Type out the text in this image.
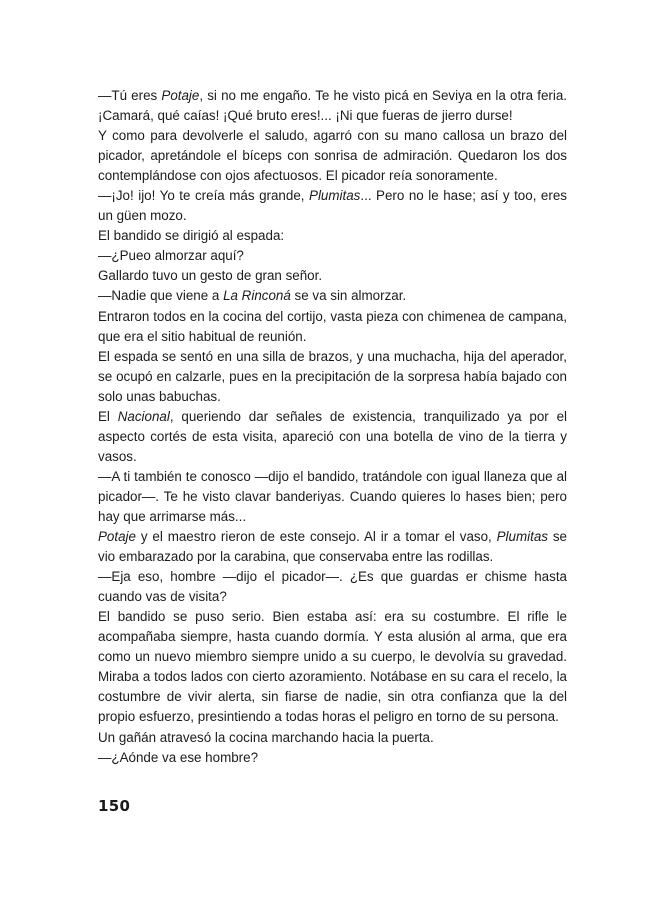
—Tú eres Potaje, si no me engaño. Te he visto picá en Seviya en la otra feria. ¡Camará, qué caías! ¡Qué bruto eres!... ¡Ni que fueras de jierro durse!

Y como para devolverle el saludo, agarró con su mano callosa un brazo del picador, apretándole el bíceps con sonrisa de admiración. Quedaron los dos contemplándose con ojos afectuosos. El picador reía sonoramente.

—¡Jo! ijo! Yo te creía más grande, Plumitas... Pero no le hase; así y too, eres un güen mozo.

El bandido se dirigió al espada:

—¿Pueo almorzar aquí?

Gallardo tuvo un gesto de gran señor.

—Nadie que viene a La Rinconá se va sin almorzar.

Entraron todos en la cocina del cortijo, vasta pieza con chimenea de campana, que era el sitio habitual de reunión.

El espada se sentó en una silla de brazos, y una muchacha, hija del aperador, se ocupó en calzarle, pues en la precipitación de la sorpresa había bajado con solo unas babuchas.

El Nacional, queriendo dar señales de existencia, tranquilizado ya por el aspecto cortés de esta visita, apareció con una botella de vino de la tierra y vasos.

—A ti también te conosco —dijo el bandido, tratándole con igual llaneza que al picador—. Te he visto clavar banderiyas. Cuando quieres lo hases bien; pero hay que arrimarse más...

Potaje y el maestro rieron de este consejo. Al ir a tomar el vaso, Plumitas se vio embarazado por la carabina, que conservaba entre las rodillas.

—Eja eso, hombre —dijo el picador—. ¿Es que guardas er chisme hasta cuando vas de visita?

El bandido se puso serio. Bien estaba así: era su costumbre. El rifle le acompañaba siempre, hasta cuando dormía. Y esta alusión al arma, que era como un nuevo miembro siempre unido a su cuerpo, le devolvía su gravedad. Miraba a todos lados con cierto azoramiento. Notábase en su cara el recelo, la costumbre de vivir alerta, sin fiarse de nadie, sin otra confianza que la del propio esfuerzo, presintiendo a todas horas el peligro en torno de su persona.

Un gañán atravesó la cocina marchando hacia la puerta.

—¿Aónde va ese hombre?

150
